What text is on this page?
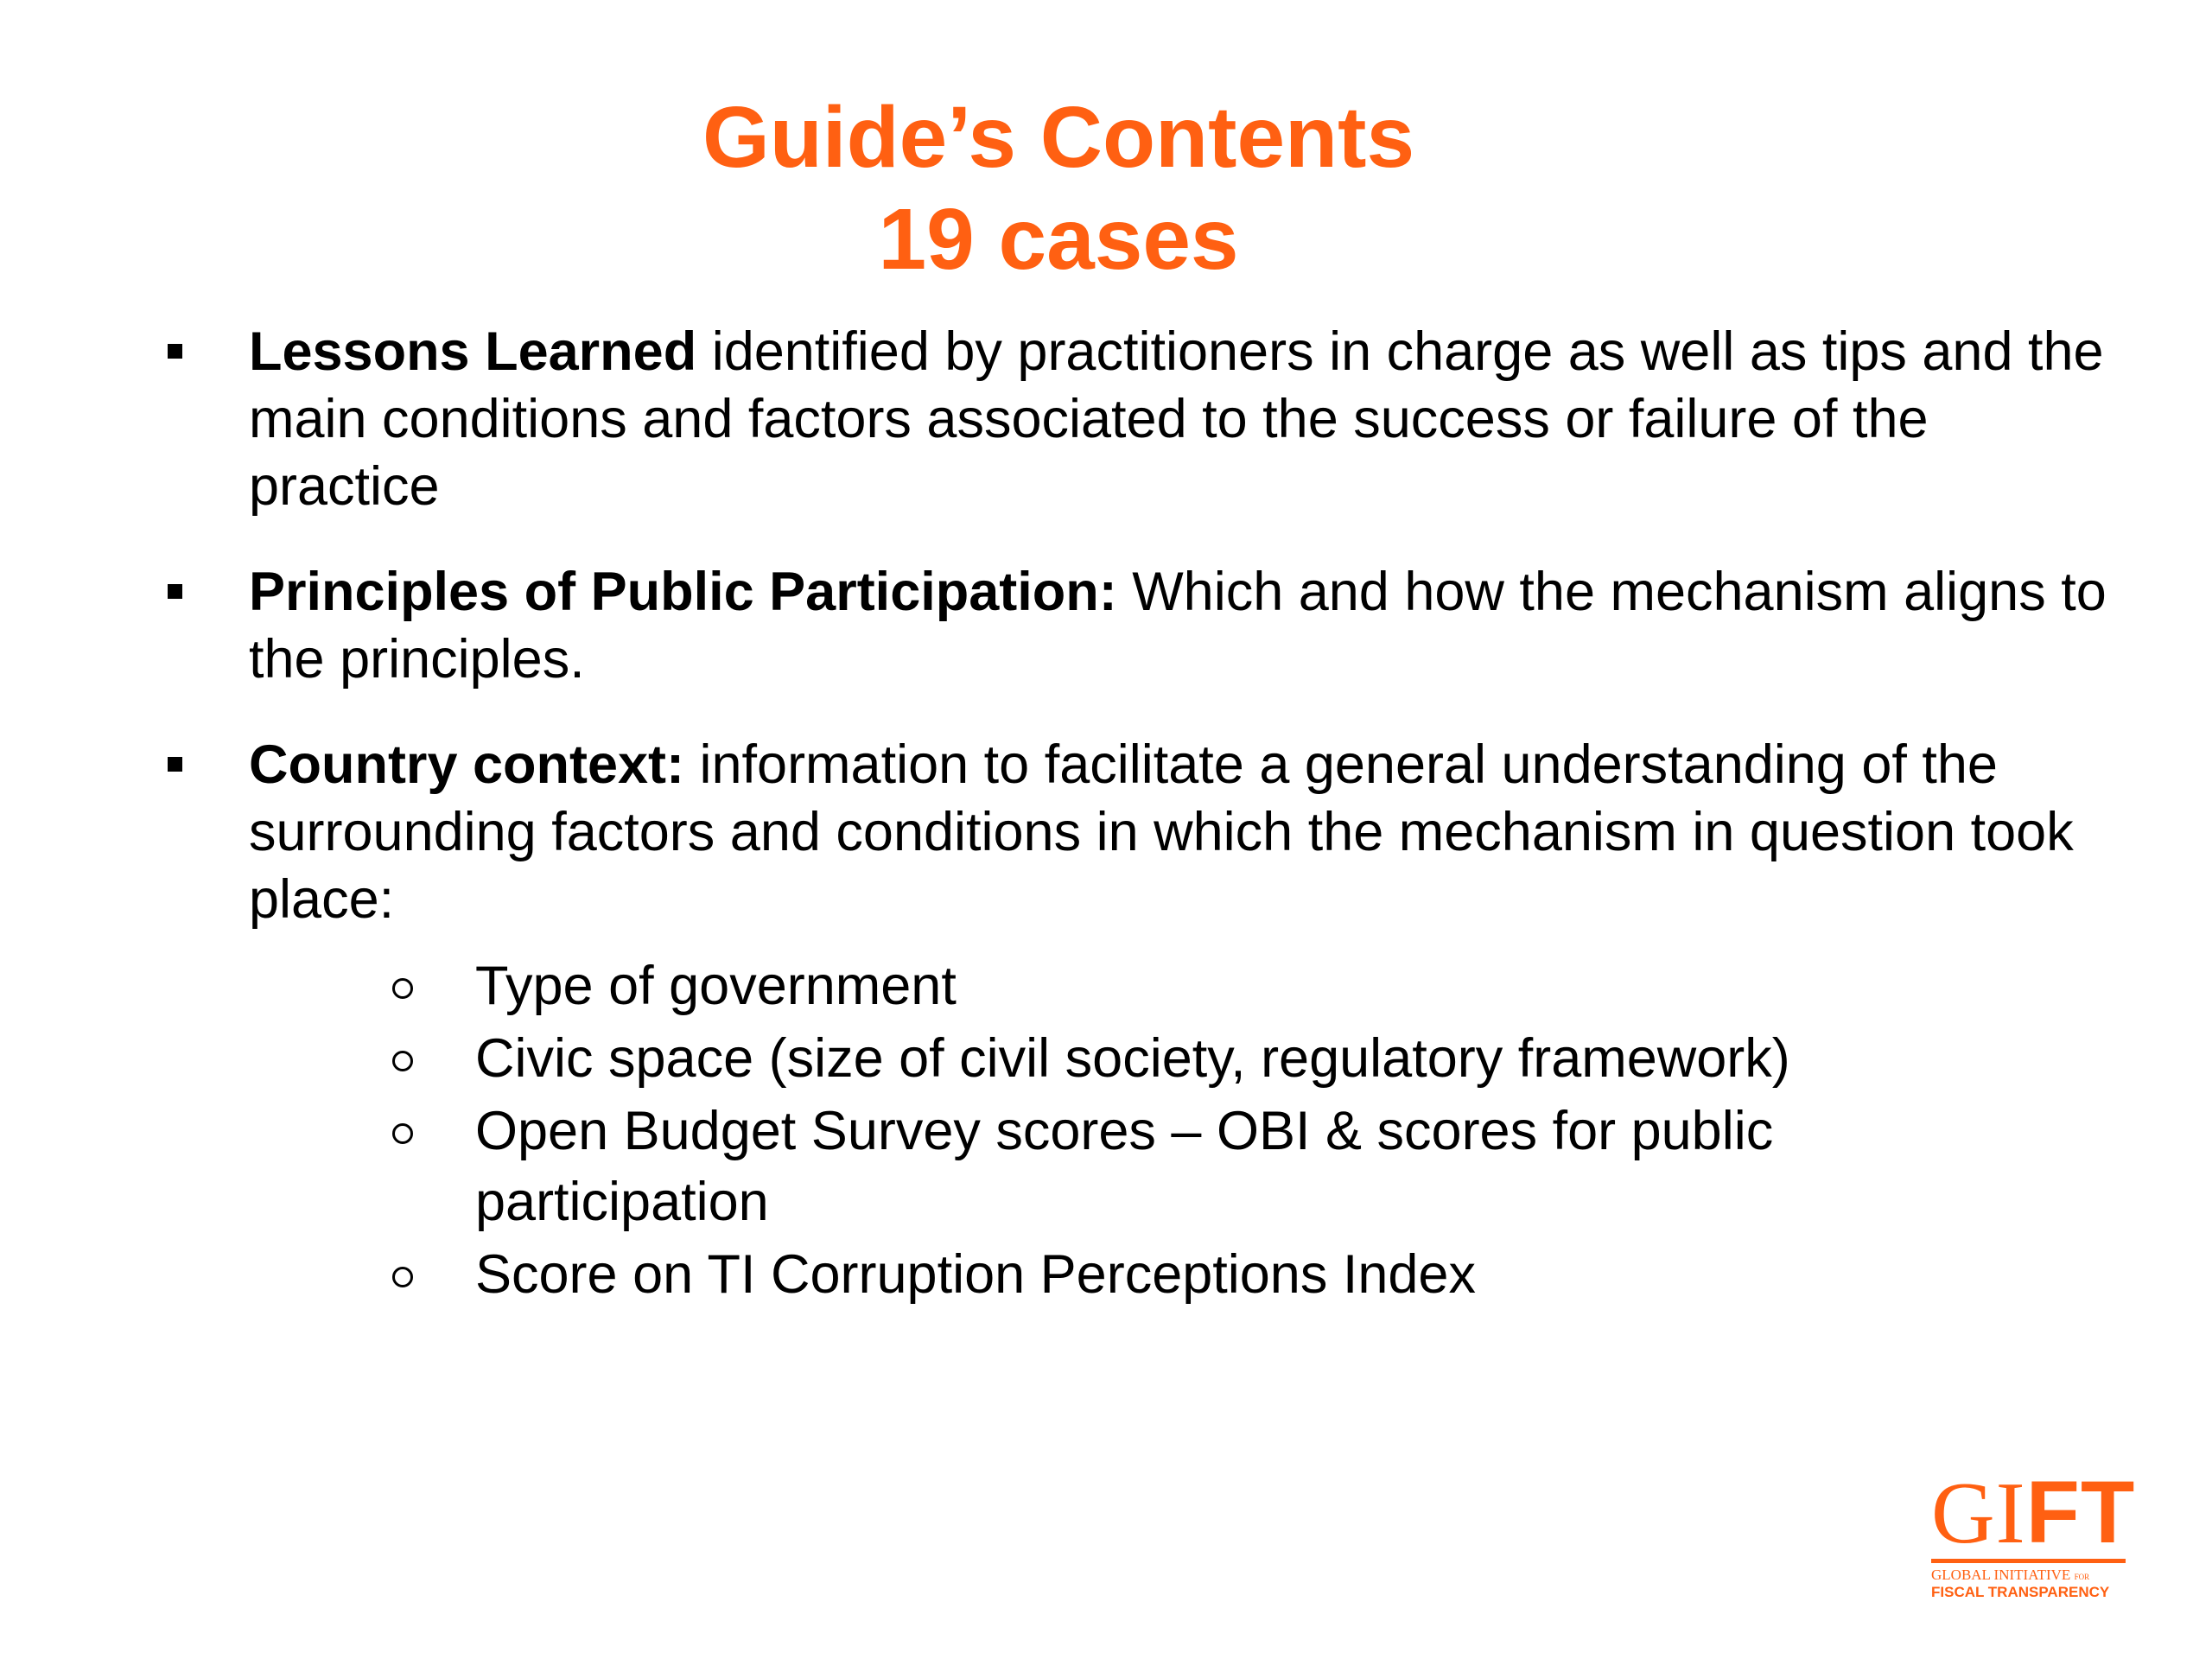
Guide’s Contents
19 cases
Lessons Learned identified by practitioners in charge as well as tips and the main conditions and factors associated to the success or failure of the practice
Principles of Public Participation: Which and how the mechanism aligns to the principles.
Country context: information to facilitate a general understanding of the surrounding factors and conditions in which the mechanism in question took place:
Type of government
Civic space (size of civil society, regulatory framework)
Open Budget Survey scores – OBI & scores for public participation
Score on TI Corruption Perceptions Index
GIFT
GLOBAL INITIATIVE FOR
FISCAL TRANSPARENCY
